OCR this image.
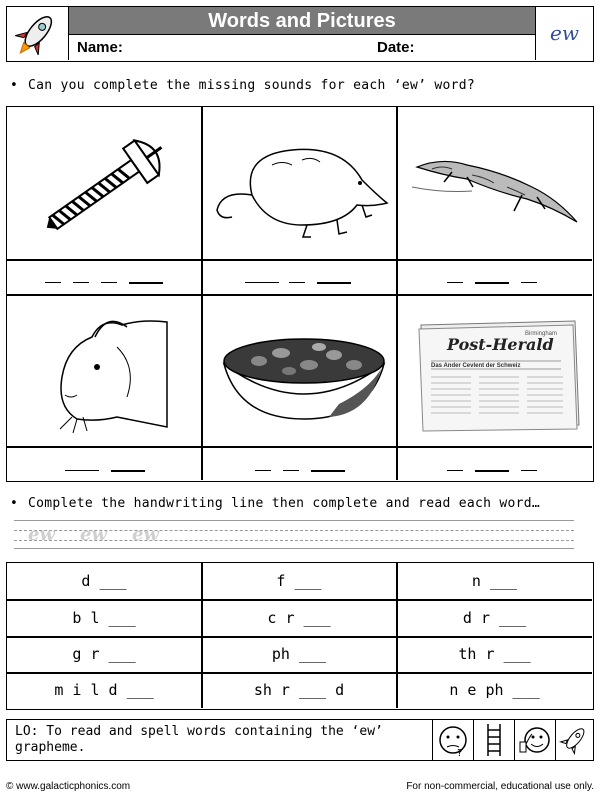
Words and Pictures
Name:	Date:
ew
• Can you complete the missing sounds for each ‘ew’ word?
Birmingham
Post-Herald
Das Ander Cevlent der Schweiz
• Complete the handwriting line then complete and read each word…
ew ew ew
d ___	f ___	n ___
b l ___	c r ___	d r ___
g r ___	ph ___	th r ___
m i l d ___	sh r ___ d	n e ph ___
LO: To read and spell words containing the ‘ew’ grapheme.	?
© www.galacticphonics.com	For non-commercial, educational use only.
